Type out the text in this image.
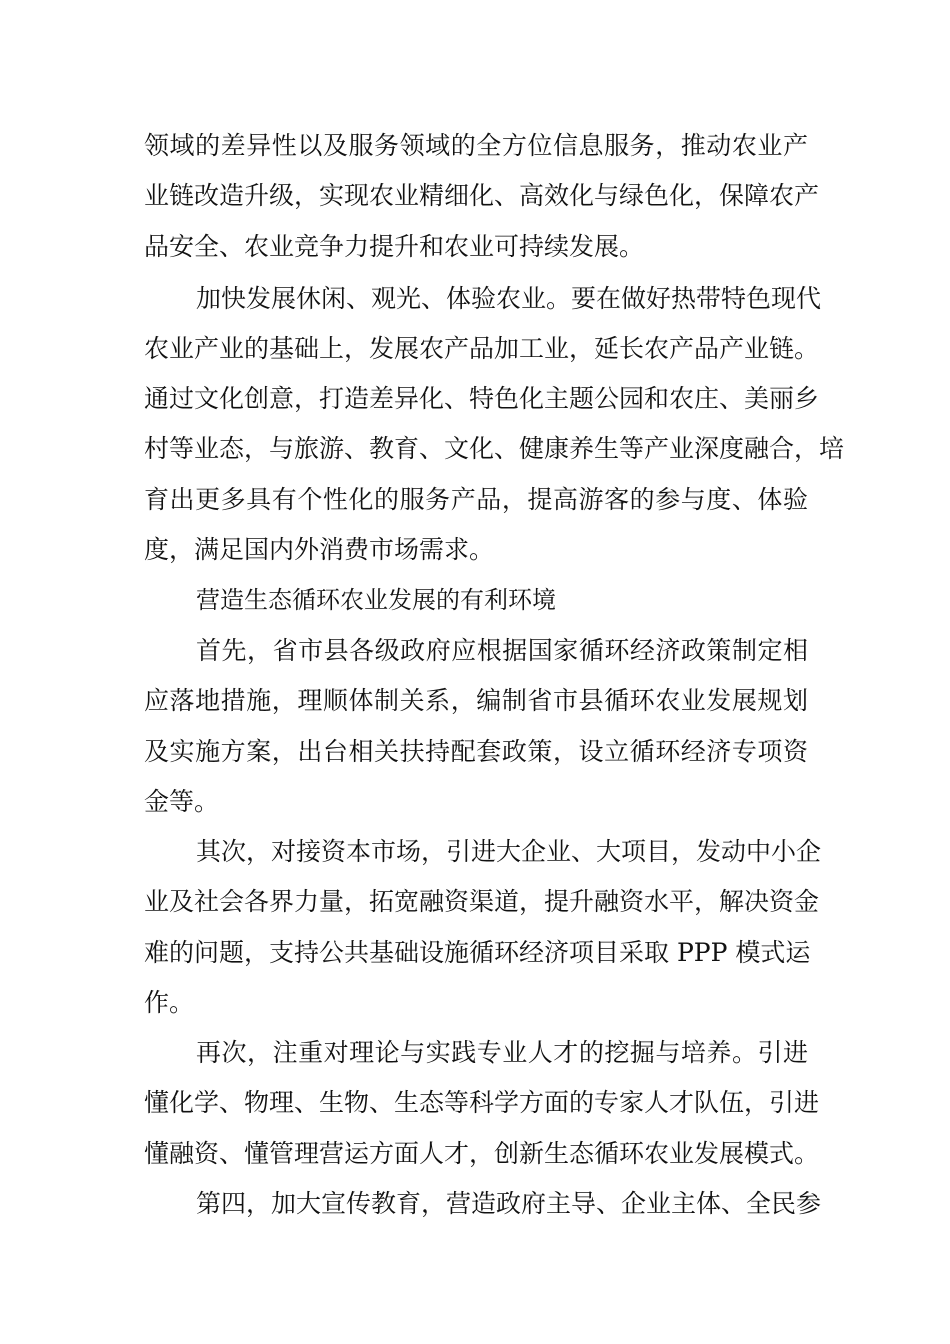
领域的差异性以及服务领域的全方位信息服务，推动农业产
业链改造升级，实现农业精细化、高效化与绿色化，保障农产
品安全、农业竞争力提升和农业可持续发展。
加快发展休闲、观光、体验农业。要在做好热带特色现代
农业产业的基础上，发展农产品加工业，延长农产品产业链。
通过文化创意，打造差异化、特色化主题公园和农庄、美丽乡
村等业态，与旅游、教育、文化、健康养生等产业深度融合，培
育出更多具有个性化的服务产品，提高游客的参与度、体验
度，满足国内外消费市场需求。
营造生态循环农业发展的有利环境
首先，省市县各级政府应根据国家循环经济政策制定相
应落地措施，理顺体制关系，编制省市县循环农业发展规划
及实施方案，出台相关扶持配套政策，设立循环经济专项资
金等。
其次，对接资本市场，引进大企业、大项目，发动中小企
业及社会各界力量，拓宽融资渠道，提升融资水平，解决资金
难的问题，支持公共基础设施循环经济项目采取 PPP 模式运
作。
再次，注重对理论与实践专业人才的挖掘与培养。引进
懂化学、物理、生物、生态等科学方面的专家人才队伍，引进
懂融资、懂管理营运方面人才，创新生态循环农业发展模式。
第四，加大宣传教育，营造政府主导、企业主体、全民参
